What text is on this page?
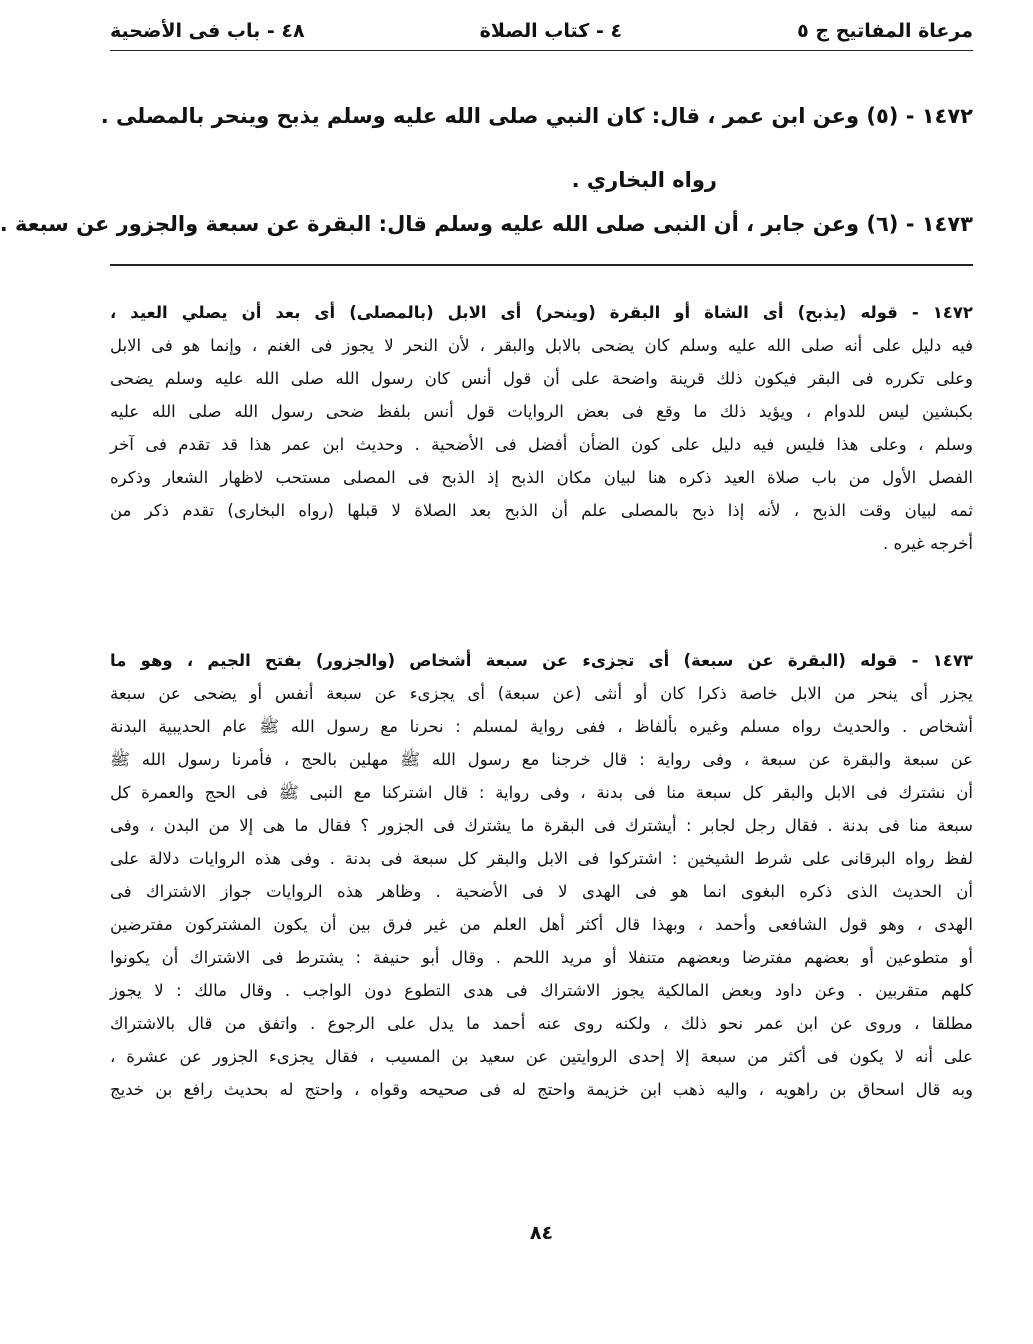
مرعاة المفاتيح ج ٥
٤ - كتاب الصلاة
٤٨ - باب فى الأضحية
١٤٧٢ - (٥) وعن ابن عمر ، قال: كان النبي صلى الله عليه وسلم يذبح وينحر بالمصلى .
رواه البخاري .
١٤٧٣ - (٦) وعن جابر ، أن النبى صلى الله عليه وسلم قال: البقرة عن سبعة والجزور عن سبعة .
١٤٧٢ - قوله (يذبح) أى الشاة أو البقرة (وينحر) أى الابل (بالمصلى) أى بعد أن يصلي العيد ،
فيه دليل على أنه صلى الله عليه وسلم كان يضحى بالابل والبقر ، لأن النحر لا يجوز فى الغنم ، وإنما هو فى الابل
وعلى تكرره فى البقر فيكون ذلك قرينة واضحة على أن قول أنس كان رسول الله صلى الله عليه وسلم يضحى
بكبشين ليس للدوام ، ويؤيد ذلك ما وقع فى بعض الروايات قول أنس بلفظ ضحى رسول الله صلى الله عليه
وسلم ، وعلى هذا فليس فيه دليل على كون الضأن أفضل فى الأضحية . وحديث ابن عمر هذا قد تقدم فى آخر
الفصل الأول من باب صلاة العيد ذكره هنا لبيان مكان الذبح إذ الذبح فى المصلى مستحب لاظهار الشعار وذكره
ثمه لبيان وقت الذبح ، لأنه إذا ذبح بالمصلى علم أن الذبح بعد الصلاة لا قبلها (رواه البخارى) تقدم ذكر من
أخرجه غيره .
١٤٧٣ - قوله (البقرة عن سبعة) أى تجزىء عن سبعة أشخاص (والجزور) بفتح الجيم ، وهو ما
يجزر أى ينحر من الابل خاصة ذكرا كان أو أنثى (عن سبعة) أى يجزىء عن سبعة أنفس أو يضحى عن سبعة
أشخاص . والحديث رواه مسلم وغيره بألفاظ ، ففى رواية لمسلم : نحرنا مع رسول الله ﷺ عام الحديبية البدنة
عن سبعة والبقرة عن سبعة ، وفى رواية : قال خرجنا مع رسول الله ﷺ مهلين بالحج ، فأمرنا رسول الله ﷺ
أن نشترك فى الابل والبقر كل سبعة منا فى بدنة ، وفى رواية : قال اشتركنا مع النبى ﷺ فى الحج والعمرة كل
سبعة منا فى بدنة . فقال رجل لجابر : أيشترك فى البقرة ما يشترك فى الجزور ؟ فقال ما هى إلا من البدن ، وفى
لفظ رواه البرقانى على شرط الشيخين : اشتركوا فى الابل والبقر كل سبعة فى بدنة . وفى هذه الروايات دلالة على
أن الحديث الذى ذكره البغوى انما هو فى الهدى لا فى الأضحية . وظاهر هذه الروايات جواز الاشتراك فى
الهدى ، وهو قول الشافعى وأحمد ، وبهذا قال أكثر أهل العلم من غير فرق بين أن يكون المشتركون مفترضين
أو متطوعين أو بعضهم مفترضا وبعضهم متنفلا أو مريد اللحم . وقال أبو حنيفة : يشترط فى الاشتراك أن يكونوا
كلهم متقربين . وعن داود وبعض المالكية يجوز الاشتراك فى هدى التطوع دون الواجب . وقال مالك : لا يجوز
مطلقا ، وروى عن ابن عمر نحو ذلك ، ولكنه روى عنه أحمد ما يدل على الرجوع . واتفق من قال بالاشتراك
على أنه لا يكون فى أكثر من سبعة إلا إحدى الروايتين عن سعيد بن المسيب ، فقال يجزىء الجزور عن عشرة ،
وبه قال اسحاق بن راهويه ، واليه ذهب ابن خزيمة واحتج له فى صحيحه وقواه ، واحتج له بحديث رافع بن خديج
٨٤
